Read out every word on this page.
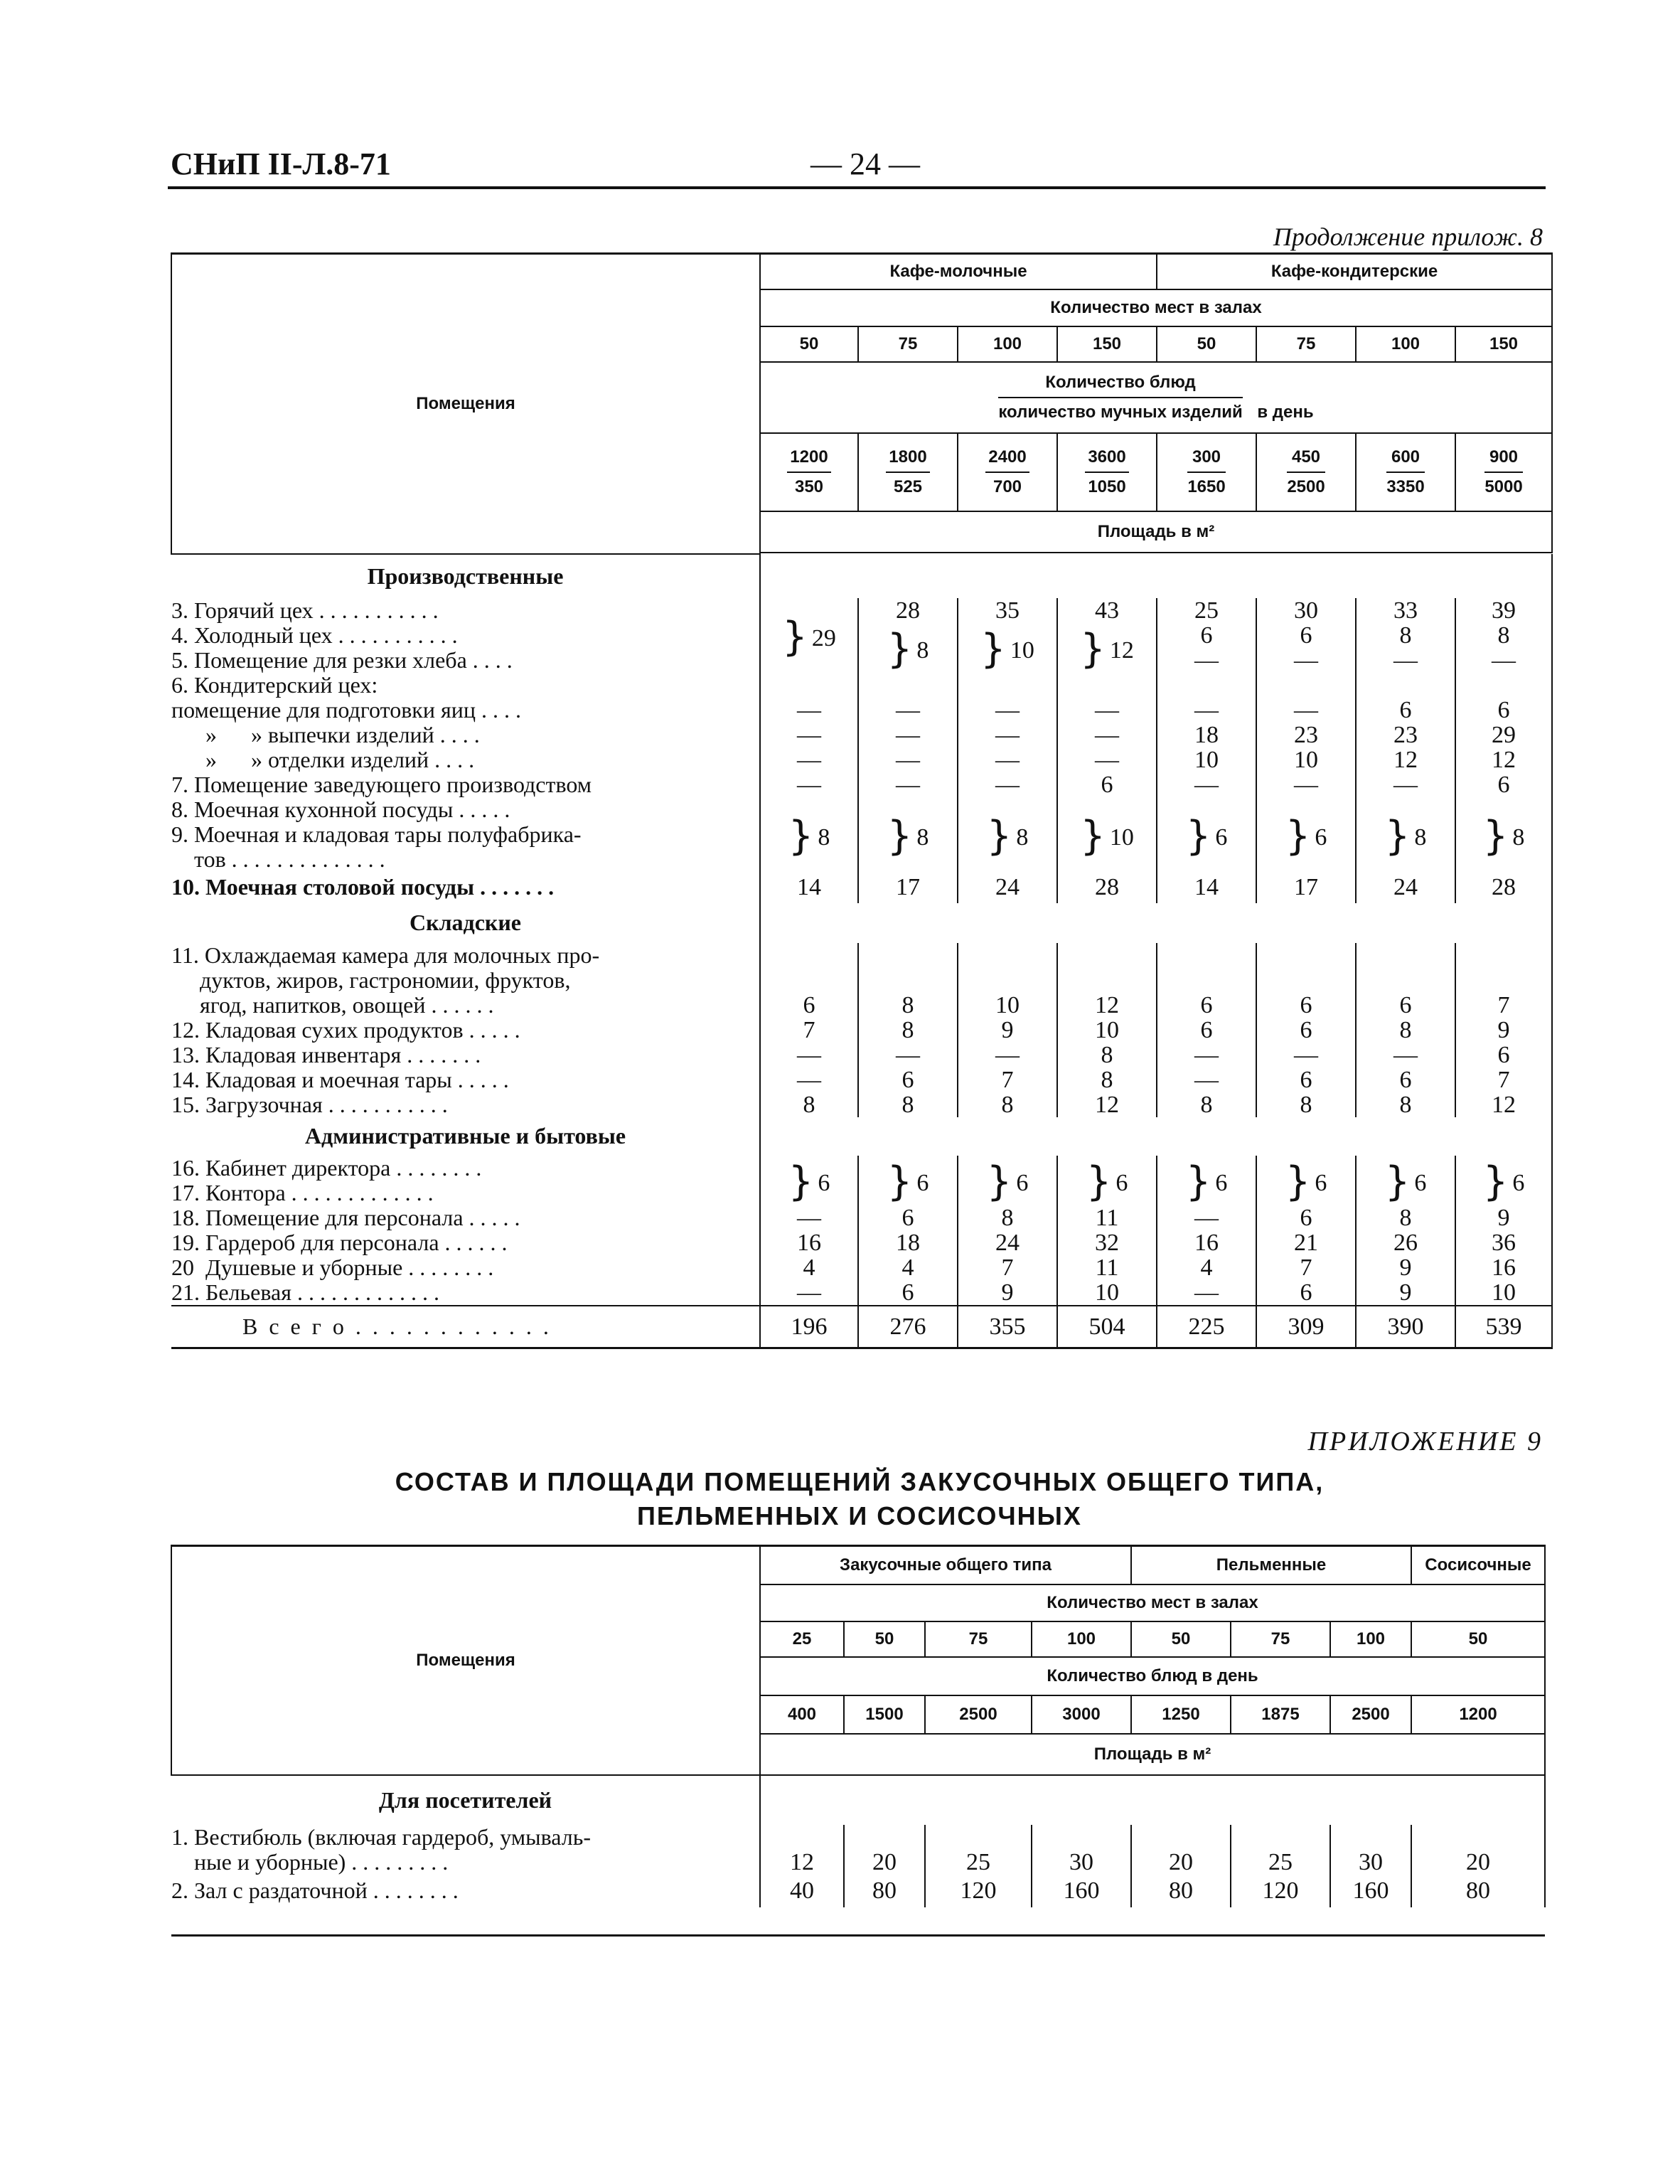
СНиП II-Л.8-71	— 24 —
Продолжение прилож. 8
Помещения	Кафе-молочные				Кафе-кондитерские			
	Количество мест в залах							
	50	75	100	150	50	75	100	150

	$\frac{\text{Количество блюд}}{\text{количество мучных изделий}}$ в день							

	$\frac{1200}{350}$	$\frac{1800}{525}$	$\frac{2400}{700}$	$\frac{3600}{1050}$	$\frac{300}{1650}$	$\frac{450}{2500}$	$\frac{600}{3350}$	$\frac{900}{5000}$

	Площадь в м²							

Производственные								
3. Горячий цех . . . . . . . . . . .	} 29	28	35	43	25	30	33	39
4. Холодный цех . . . . . . . . . . .		} 8	} 10	} 12	6	6	8	8
5. Помещение для резки хлеба . . . .					—	—	—	—
6. Кондитерский цех:								
помещение для подготовки яиц . . . .	—	—	—	—	—	—	6	6
»      » выпечки изделий . . . .	—	—	—	—	18	23	23	29
»      » отделки изделий . . . .	—	—	—	—	10	10	12	12
7. Помещение заведующего производством	—	—	—	6	—	—	—	6
8. Моечная кухонной посуды . . . . .	} 8	} 8	} 8	} 10	} 6	} 6	} 8	} 8
9. Моечная и кладовая тары полуфабрика-								
тов . . . . . . . . . . . . . .								
10. Моечная столовой посуды . . . . . . .	14	17	24	28	14	17	24	28
Складские								
11. Охлаждаемая камера для молочных про-								
дуктов, жиров, гастрономии, фруктов,								
ягод, напитков, овощей . . . . . .	6	8	10	12	6	6	6	7
12. Кладовая сухих продуктов . . . . .	7	8	9	10	6	6	8	9
13. Кладовая инвентаря . . . . . . .	—	—	—	8	—	—	—	6
14. Кладовая и моечная тары . . . . .	—	6	7	8	—	6	6	7
15. Загрузочная . . . . . . . . . . .	8	8	8	12	8	8	8	12
Административные и бытовые								
16. Кабинет директора . . . . . . . .	} 6	} 6	} 6	} 6	} 6	} 6	} 6	} 6
17. Контора . . . . . . . . . . . . .								
18. Помещение для персонала . . . . .	—	6	8	11	—	6	8	9
19. Гардероб для персонала . . . . . .	16	18	24	32	16	21	26	36
20  Душевые и уборные . . . . . . . .	4	4	7	11	4	7	9	16
21. Бельевая . . . . . . . . . . . . .	—	6	9	10	—	6	9	10
В с е г о . . . . . . . . . . . .	196	276	355	504	225	309	390	539
ПРИЛОЖЕНИЕ 9
СОСТАВ И ПЛОЩАДИ ПОМЕЩЕНИЙ ЗАКУСОЧНЫХ ОБЩЕГО ТИПА,
ПЕЛЬМЕННЫХ И СОСИСОЧНЫХ
Помещения	Закусочные общего типа				Пельменные			Сосисочные
	Количество мест в залах							
	25	50	75	100	50	75	100	50
	Количество блюд в день							
	400	1500	2500	3000	1250	1875	2500	1200
	Площадь в м²							
Для посетителей								
1. Вестибюль (включая гардероб, умываль-								
ные и уборные) . . . . . . . . .	12	20	25	30	20	25	30	20
2. Зал с раздаточной . . . . . . . .	40	80	120	160	80	120	160	80
